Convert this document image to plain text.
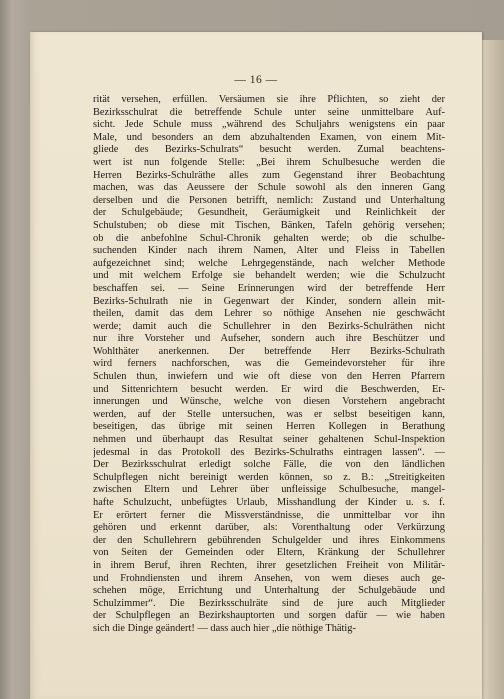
— 16 —
rität versehen, erfüllen. Versäumen sie ihre Pflichten, so zieht der
Bezirksschulrat die betreffende Schule unter seine unmittelbare Auf-
sicht. Jede Schule muss „während des Schuljahrs wenigstens ein paar
Male, und besonders an dem abzuhaltenden Examen, von einem Mit-
gliede des Bezirks-Schulrats“ besucht werden. Zumal beachtens-
wert ist nun folgende Stelle: „Bei ihrem Schulbesuche werden die
Herren Bezirks-Schulräthe alles zum Gegenstand ihrer Beobachtung
machen, was das Aeussere der Schule sowohl als den inneren Gang
derselben und die Personen betrifft, nemlich: Zustand und Unterhaltung
der Schulgebäude; Gesundheit, Geräumigkeit und Reinlichkeit der
Schulstuben; ob diese mit Tischen, Bänken, Tafeln gehörig versehen;
ob die anbefohlne Schul-Chronik gehalten werde; ob die schulbe-
suchenden Kinder nach ihrem Namen, Alter und Fleiss in Tabellen
aufgezeichnet sind; welche Lehrgegenstände, nach welcher Methode
und mit welchem Erfolge sie behandelt werden; wie die Schulzucht
beschaffen sei. — Seine Erinnerungen wird der betreffende Herr
Bezirks-Schulrath nie in Gegenwart der Kinder, sondern allein mit-
theilen, damit das dem Lehrer so nöthige Ansehen nie geschwächt
werde; damit auch die Schullehrer in den Bezirks-Schulräthen nicht
nur ihre Vorsteher und Aufseher, sondern auch ihre Beschützer und
Wohlthäter anerkennen. Der betreffende Herr Bezirks-Schulrath
wird ferners nachforschen, was die Gemeindevorsteher für ihre
Schulen thun, inwiefern und wie oft diese von den Herren Pfarrern
und Sittenrichtern besucht werden. Er wird die Beschwerden, Er-
innerungen und Wünsche, welche von diesen Vorstehern angebracht
werden, auf der Stelle untersuchen, was er selbst beseitigen kann,
beseitigen, das übrige mit seinen Herren Kollegen in Berathung
nehmen und überhaupt das Resultat seiner gehaltenen Schul-Inspektion
jedesmal in das Protokoll des Bezirks-Schulraths eintragen lassen“. —
Der Bezirksschulrat erledigt solche Fälle, die von den ländlichen
Schulpflegen nicht bereinigt werden können, so z. B.: „Streitigkeiten
zwischen Eltern und Lehrer über unfleissige Schulbesuche, mangel-
hafte Schulzucht, unbefügtes Urlaub, Misshandlung der Kinder u. s. f.
Er erörtert ferner die Missverständnisse, die unmittelbar vor ihn
gehören und erkennt darüber, als: Vorenthaltung oder Verkürzung
der den Schullehrern gebührenden Schulgelder und ihres Einkommens
von Seiten der Gemeinden oder Eltern, Kränkung der Schullehrer
in ihrem Beruf, ihren Rechten, ihrer gesetzlichen Freiheit von Militär-
und Frohndiensten und ihrem Ansehen, von wem dieses auch ge-
schehen möge, Errichtung und Unterhaltung der Schulgebäude und
Schulzimmer“. Die Bezirksschulräte sind de jure auch Mitglieder
der Schulpflegen an Bezirkshauptorten und sorgen dafür — wie haben
sich die Dinge geändert! — dass auch hier „die nöthige Thätig-
